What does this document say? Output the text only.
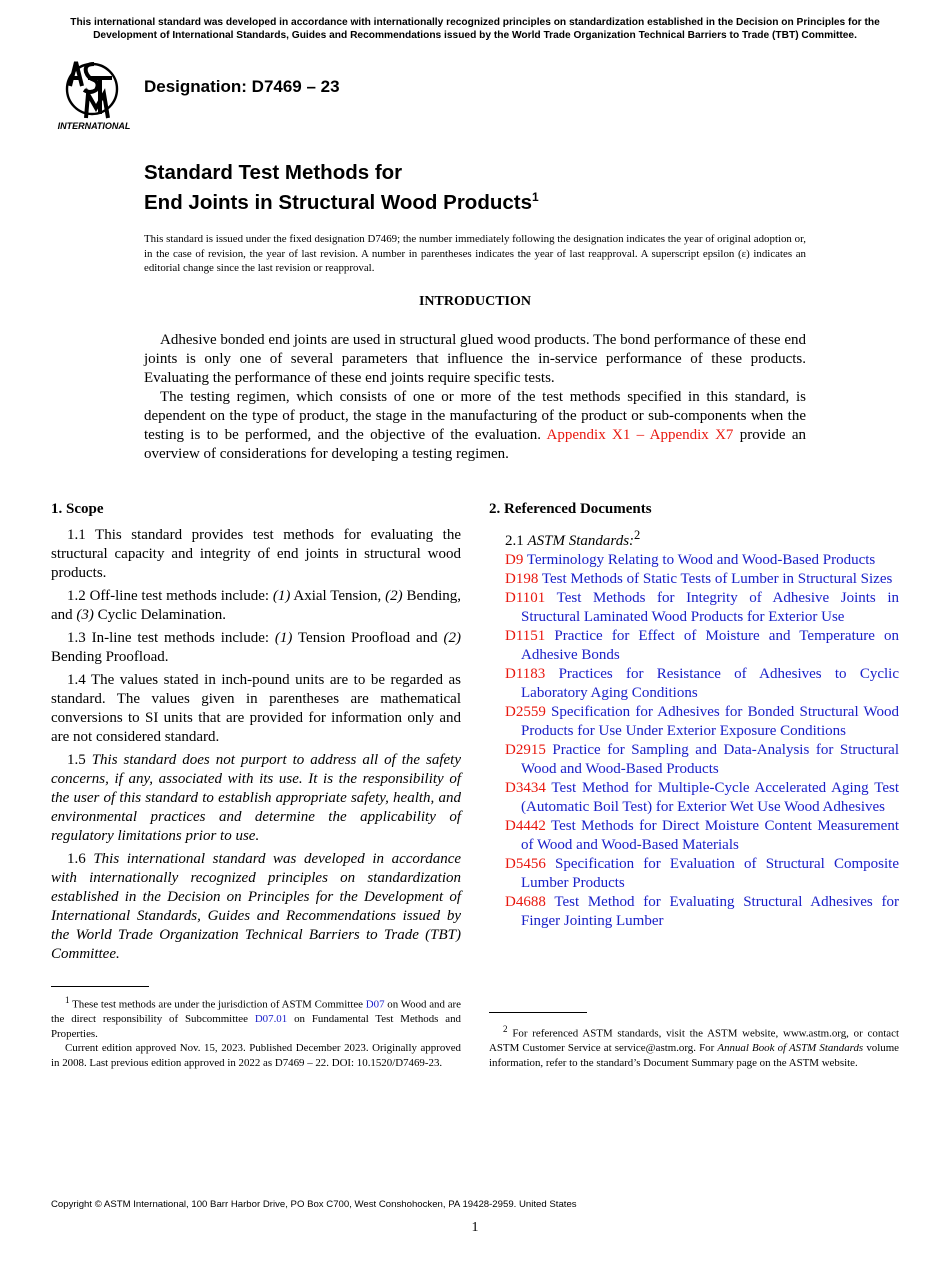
This international standard was developed in accordance with internationally recognized principles on standardization established in the Decision on Principles for the Development of International Standards, Guides and Recommendations issued by the World Trade Organization Technical Barriers to Trade (TBT) Committee.
INTERNATIONAL
Designation: D7469 – 23
Standard Test Methods for
End Joints in Structural Wood Products$^1$
This standard is issued under the fixed designation D7469; the number immediately following the designation indicates the year of original adoption or, in the case of revision, the year of last revision. A number in parentheses indicates the year of last reapproval. A superscript epsilon (ε) indicates an editorial change since the last revision or reapproval.
INTRODUCTION

Adhesive bonded end joints are used in structural glued wood products. The bond performance of these end joints is only one of several parameters that influence the in-service performance of these products. Evaluating the performance of these end joints require specific tests.

The testing regimen, which consists of one or more of the test methods specified in this standard, is dependent on the type of product, the stage in the manufacturing of the product or sub-components when the testing is to be performed, and the objective of the evaluation. Appendix X1 – Appendix X7 provide an overview of considerations for developing a testing regimen.

1. Scope

1.1 This standard provides test methods for evaluating the structural capacity and integrity of end joints in structural wood products.

1.2 Off-line test methods include: (1) Axial Tension, (2) Bending, and (3) Cyclic Delamination.

1.3 In-line test methods include: (1) Tension Proofload and (2) Bending Proofload.

1.4 The values stated in inch-pound units are to be regarded as standard. The values given in parentheses are mathematical conversions to SI units that are provided for information only and are not considered standard.

1.5 This standard does not purport to address all of the safety concerns, if any, associated with its use. It is the responsibility of the user of this standard to establish appropriate safety, health, and environmental practices and determine the applicability of regulatory limitations prior to use.

1.6 This international standard was developed in accordance with internationally recognized principles on standardization established in the Decision on Principles for the Development of International Standards, Guides and Recommendations issued by the World Trade Organization Technical Barriers to Trade (TBT) Committee.

2. Referenced Documents

2.1 ASTM Standards:$^2$

D9 Terminology Relating to Wood and Wood-Based Products
D198 Test Methods of Static Tests of Lumber in Structural Sizes
D1101 Test Methods for Integrity of Adhesive Joints in Structural Laminated Wood Products for Exterior Use
D1151 Practice for Effect of Moisture and Temperature on Adhesive Bonds
D1183 Practices for Resistance of Adhesives to Cyclic Laboratory Aging Conditions
D2559 Specification for Adhesives for Bonded Structural Wood Products for Use Under Exterior Exposure Conditions
D2915 Practice for Sampling and Data-Analysis for Structural Wood and Wood-Based Products
D3434 Test Method for Multiple-Cycle Accelerated Aging Test (Automatic Boil Test) for Exterior Wet Use Wood Adhesives
D4442 Test Methods for Direct Moisture Content Measurement of Wood and Wood-Based Materials
D5456 Specification for Evaluation of Structural Composite Lumber Products
D4688 Test Method for Evaluating Structural Adhesives for Finger Jointing Lumber

$^1$ These test methods are under the jurisdiction of ASTM Committee D07 on Wood and are the direct responsibility of Subcommittee D07.01 on Fundamental Test Methods and Properties.

Current edition approved Nov. 15, 2023. Published December 2023. Originally approved in 2008. Last previous edition approved in 2022 as D7469 – 22. DOI: 10.1520/D7469-23.

$^2$ For referenced ASTM standards, visit the ASTM website, www.astm.org, or contact ASTM Customer Service at service@astm.org. For Annual Book of ASTM Standards volume information, refer to the standard’s Document Summary page on the ASTM website.

Copyright © ASTM International, 100 Barr Harbor Drive, PO Box C700, West Conshohocken, PA 19428-2959. United States
1
